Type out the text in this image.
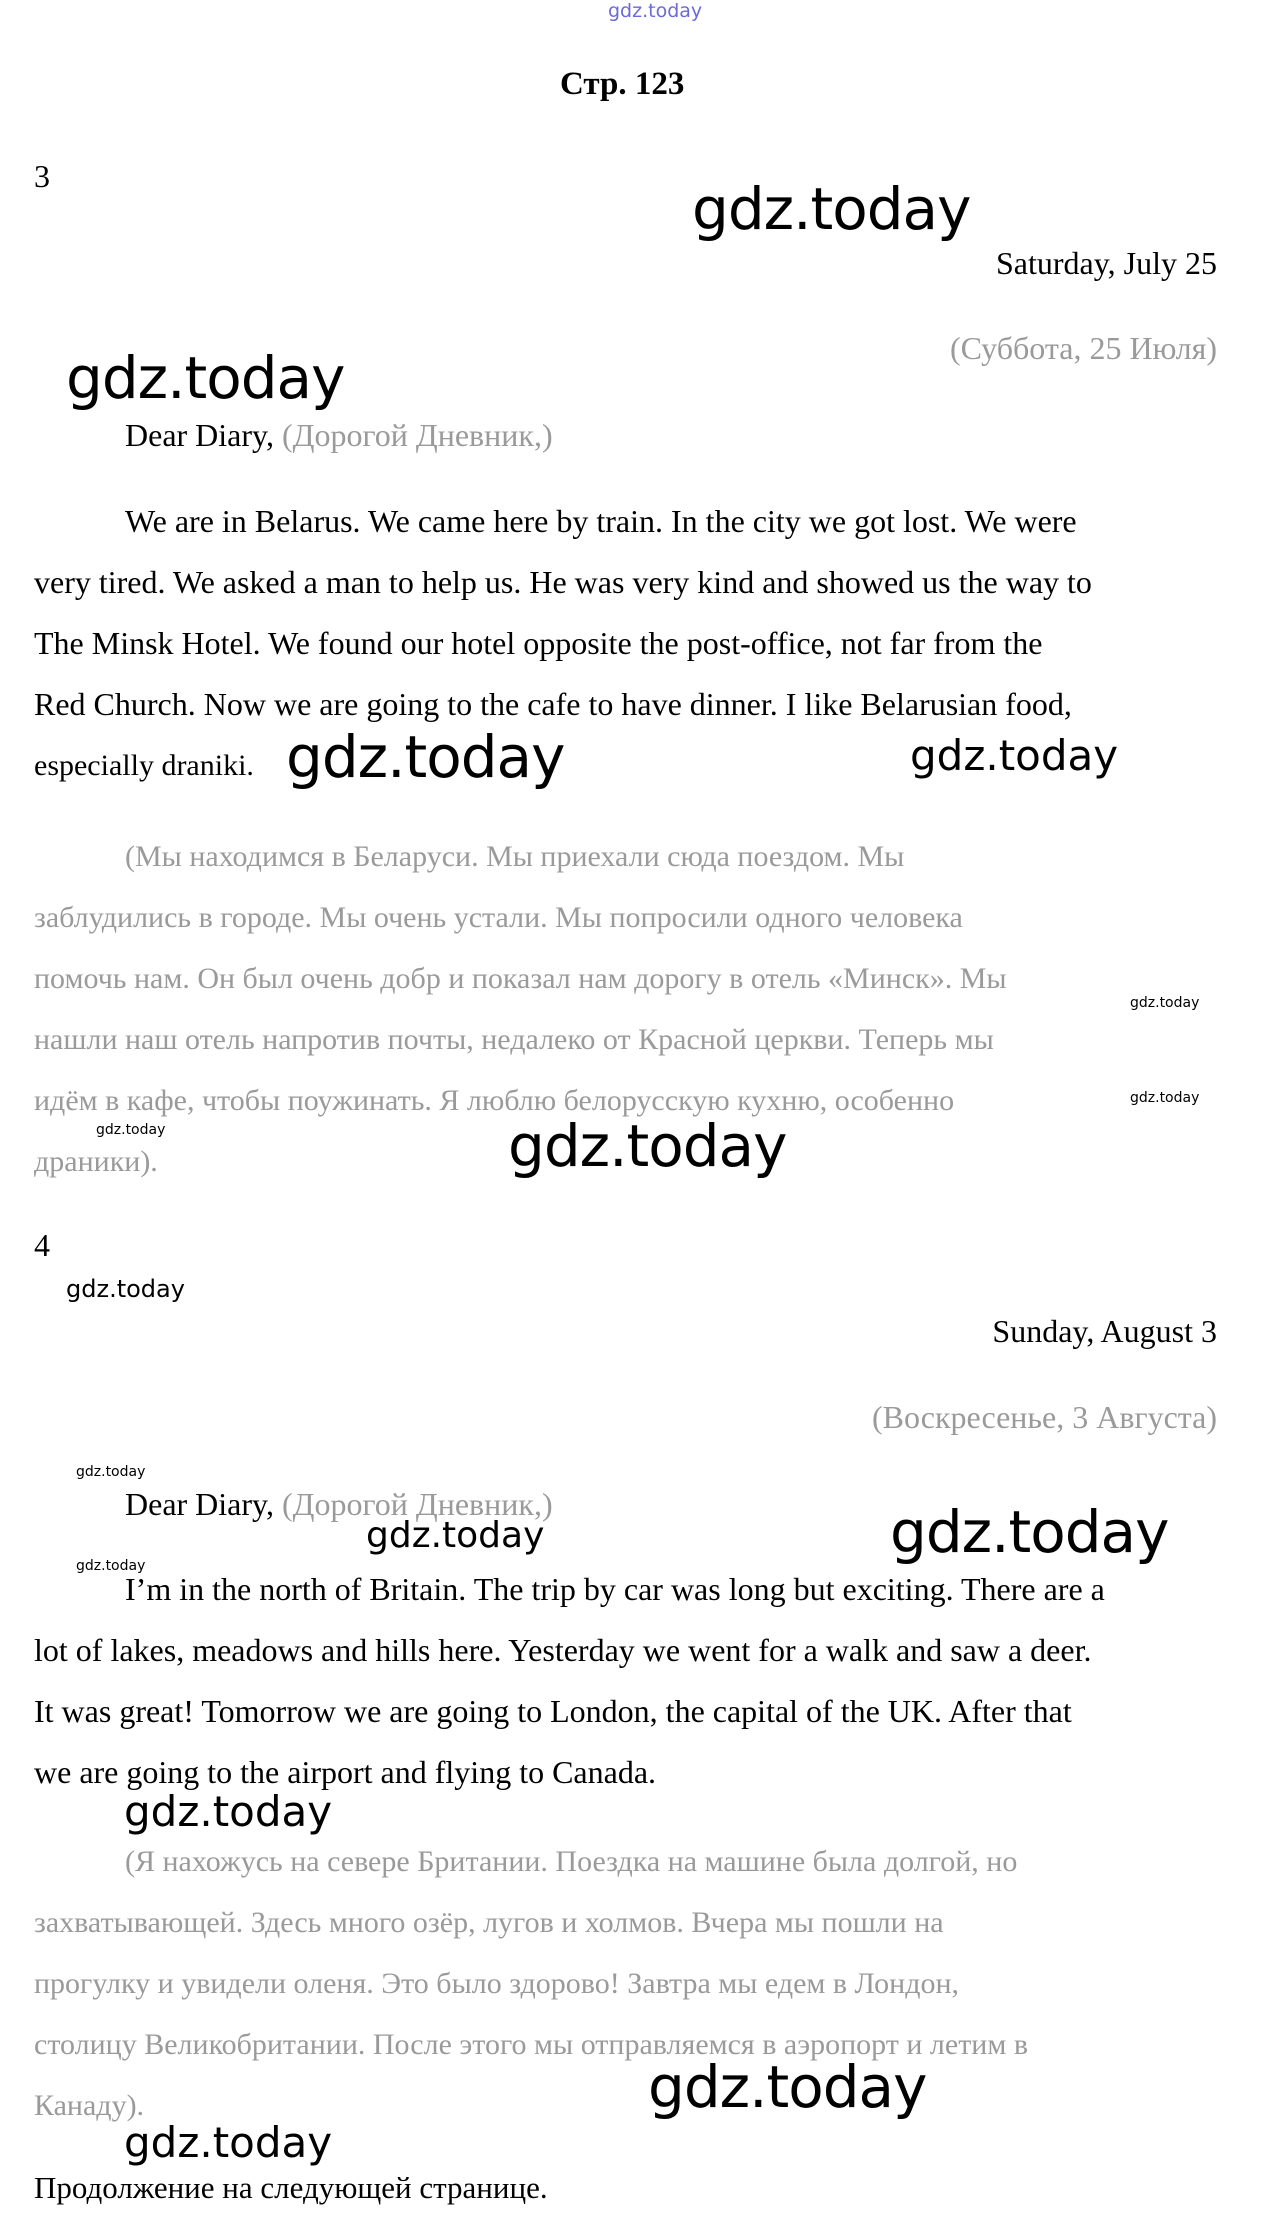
gdz.today
Стр. 123
3
Saturday, July 25
(Суббота, 25 Июля)
Dear Diary, (Дорогой Дневник,)
We are in Belarus. We came here by train. In the city we got lost. We were
very tired. We asked a man to help us. He was very kind and showed us the way to
The Minsk Hotel. We found our hotel opposite the post-office, not far from the
Red Church. Now we are going to the cafe to have dinner. I like Belarusian food,
especially draniki.
(Мы находимся в Беларуси. Мы приехали сюда поездом. Мы
заблудились в городе. Мы очень устали. Мы попросили одного человека
помочь нам. Он был очень добр и показал нам дорогу в отель «Минск». Мы
нашли наш отель напротив почты, недалеко от Красной церкви. Теперь мы
идём в кафе, чтобы поужинать. Я люблю белорусскую кухню, особенно
драники).
4
Sunday, August 3
(Воскресенье, 3 Августа)
Dear Diary, (Дорогой Дневник,)
I’m in the north of Britain. The trip by car was long but exciting. There are a
lot of lakes, meadows and hills here. Yesterday we went for a walk and saw a deer.
It was great! Tomorrow we are going to London, the capital of the UK. After that
we are going to the airport and flying to Canada.
(Я нахожусь на севере Британии. Поездка на машине была долгой, но
захватывающей. Здесь много озёр, лугов и холмов. Вчера мы пошли на
прогулку и увидели оленя. Это было здорово! Завтра мы едем в Лондон,
столицу Великобритании. После этого мы отправляемся в аэропорт и летим в
Канаду).
Продолжение на следующей странице.
gdz.today
gdz.today
gdz.today	gdz.today
gdz.today
gdz.today
gdz.today	gdz.today
gdz.today
gdz.today
gdz.today	gdz.today
gdz.today
gdz.today
gdz.today
gdz.today
